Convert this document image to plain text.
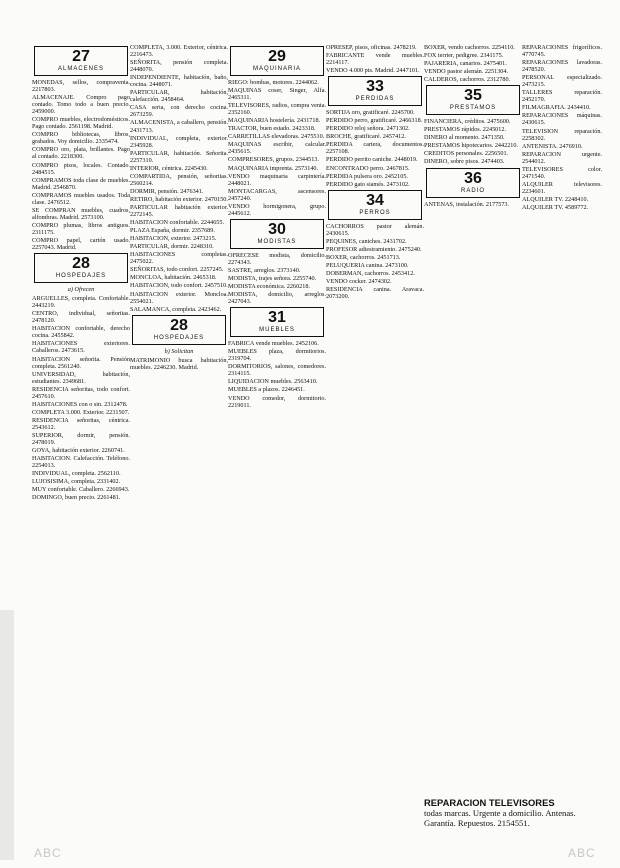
27
ALMACENES

MONEDAS, sellos, compraventa. 2217803.

ALMACENAJE. Compro pago contado. Tomo todo a buen precio. 2459000.

COMPRO muebles, electrodomésticos. Pago contado. 2561198. Madrid.

COMPRO bibliotecas, libros, grabados. Voy domicilio. 2335474.

COMPRO oro, plata, brillantes. Pago al contado. 2218300.

COMPRO pisos, locales. Contado. 2484515.

COMPRAMOS toda clase de muebles. Madrid. 2546870.

COMPRAMOS muebles usados. Toda clase. 2476512.

SE COMPRAN muebles, cuadros, alfombras. Madrid. 2573100.

COMPRO plumas, libros antiguos. 2311175.

COMPRO papel, cartón usado. 2257043. Madrid.

28
HOSPEDAJES
a) Ofrecen

ARGUELLES, completa. Confortable. 2443219.

CENTRO, individual, señoritas. 2478120.

HABITACION confortable, derecho cocina. 2455842.

HABITACIONES exteriores. Caballeros. 2473615.

HABITACION señorita. Pensión completa. 2561240.

UNIVERSIDAD, habitación, estudiantes. 2349681.

RESIDENCIA señoritas, todo confort. 2457610.

HABITACIONES con o sin. 2312478.

COMPLETA 3.000. Exterior. 2231507.

RESIDENCIA señoritas, céntrica. 2543612.

SUPERIOR, dormir, pensión. 2478019.

GOYA, habitación exterior. 2260741.

HABITACION. Calefacción. Teléfono. 2254013.

INDIVIDUAL, completa. 2562110.

LUJOSISIMA, completa. 2331402.

MUY confortable. Caballero. 2266943.

DOMINGO, buen precio. 2261481.

COMPLETA, 3.000. Exterior, céntrica. 2216473.

SEÑORITA, pensión completa. 2448070.

INDEPENDIENTE, habitación, baño, cocina. 2448071.

PARTICULAR, habitación, calefacción. 2458464.

CASA seria, con derecho cocina. 2673259.

ALMACENISTA, a caballero, pensión. 2431713.

INDIVIDUAL, completa, exterior. 2345928.

PARTICULAR, habitación. Señorita. 2257310.

INTERIOR, céntrica. 2245430.

COMPARTIDA, pensión, señoritas. 2560214.

DORMIR, pensión. 2476341.

RETIRO, habitación exterior. 2470150.

PARTICULAR habitación exterior. 2272145.

HABITACION confortable. 2244655.

PLAZA España, dormir. 2357689.

HABITACION, exterior. 2473215.

PARTICULAR, dormir. 2248310.

HABITACIONES completas. 2475022.

SEÑORITAS, todo confort. 2257245.

MONCLOA, habitación. 2465318.

HABITACION, todo confort. 2457510.

HABITACION exterior. Moncloa. 2554021.

SALAMANCA, completa. 2423462.

28
HOSPEDAJES
b) Solicitan

MATRIMONIO busca habitación, muebles. 2246230. Madrid.

29
MAQUINARIA

RIEGO: bombas, motores. 2244062.

MAQUINAS coser, Singer, Alfa. 2465311.

TELEVISORES, radios, compra venta. 2352160.

MAQUINARIA hostelería. 2431718.

TRACTOR, buen estado. 2423318.

CARRETILLAS elevadoras. 2475510.

MAQUINAS escribir, calcular. 2435615.

COMPRESORES, grupos. 2344513.

MAQUINARIA imprenta. 2573140.

VENDO maquinaria carpintería. 2448021.

MONTACARGAS, ascensores. 2457240.

VENDO hormigonera, grupo. 2445612.

30
MODISTAS

OFRECESE modista, domicilio. 2274343.

SASTRE, arreglos. 2373140.

MODISTA, trajes señora. 2255740.

MODISTA económica. 2260218.

MODISTA, domicilio, arreglos. 2427043.

31
MUEBLES

FABRICA vende muebles. 2452106.

MUEBLES plaza, dormitorios. 2319704.

DORMITORIOS, salones, comedores. 2314115.

LIQUIDACION muebles. 2563410.

MUEBLES a plazos. 2246451.

VENDO comedor, dormitorio. 2219011.

OPRESEP, pisos, oficinas. 2478219.

FABRICANTE vende muebles. 2214117.

VENDO 4.000 pts. Madrid. 2447101.

33
PERDIDAS

SORTIJA oro, gratificaré. 2245700.

PERDIDO perro, gratificaré. 2466318.

PERDIDO reloj señora. 2471302.

BROCHE, gratificaré. 2457412.

PERDIDA cartera, documentos. 2257108.

PERDIDO perrito caniche. 2448019.

ENCONTRADO perro. 2467815.

PERDIDA pulsera oro. 2452105.

PERDIDO gato siamés. 2473102.

34
PERROS

CACHORROS pastor alemán. 2430615.

PEQUINES, caniches. 2431702.

PROFESOR adiestramiento. 2475240.

BOXER, cachorros. 2451713.

PELUQUERIA canina. 2473100.

DOBERMAN, cachorros. 2453412.

VENDO cocker. 2474302.

RESIDENCIA canina. Aravaca. 2073200.

BOXER, vendo cachorros. 2254110.

FOX terrier, pedigree. 2341175.

PAJARERIA, canarios. 2475401.

VENDO pastor alemán. 2251304.

CALDEROS, cachorros. 2312780.

35
PRESTAMOS

FINANCIERA, créditos. 2475600.

PRESTAMOS rápidos. 2245012.

DINERO al momento. 2471350.

PRESTAMOS hipotecarios. 2442210.

CREDITOS personales. 2256501.

DINERO, sobre pisos. 2474403.

36
RADIO

ANTENAS, instalación. 2177573.

REPARACIONES frigoríficos. 4770745.

REPARACIONES lavadoras. 2478520.

PERSONAL especializado. 2473215.

TALLERES reparación. 2452170.

FILMAGRAFIA. 2434410.

REPARACIONES máquinas. 2430615.

TELEVISION reparación. 2258302.

ANTENISTA. 2476910.

REPARACION urgente. 2544012.

TELEVISORES color. 2471540.

ALQUILER televisores. 2234601.

ALQUILER TV. 2248410.

ALQUILER TV. 4589772.

REPARACION TELEVISORES
todas marcas. Urgente a domicilio. Antenas. Garantía. Repuestos. 2154551.
ABC	ABC
